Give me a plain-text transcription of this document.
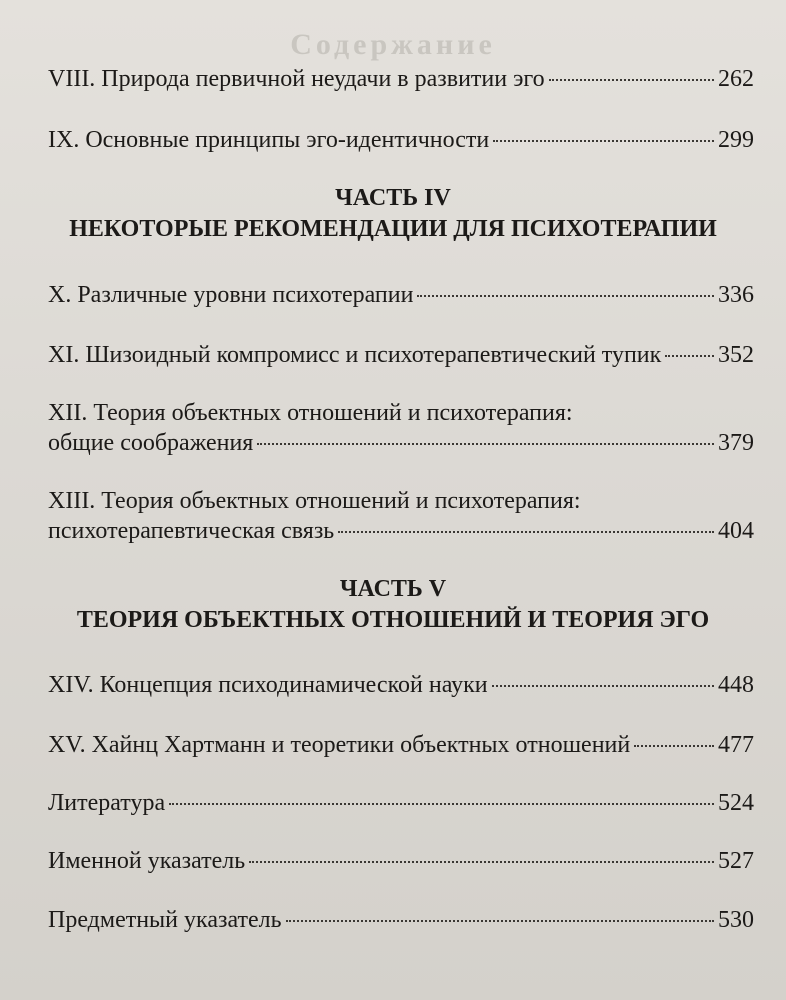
Содержание
VIII. Природа первичной неудачи в развитии эго	262
IX. Основные принципы эго-идентичности	299
ЧАСТЬ IV
НЕКОТОРЫЕ РЕКОМЕНДАЦИИ ДЛЯ ПСИХОТЕРАПИИ
X. Различные уровни психотерапии	336
XI. Шизоидный компромисс и психотерапевтический тупик 352
XII. Теория объектных отношений и психотерапия:
общие соображения	379
XIII. Теория объектных отношений и психотерапия:
психотерапевтическая связь	404
ЧАСТЬ V
ТЕОРИЯ ОБЪЕКТНЫХ ОТНОШЕНИЙ И ТЕОРИЯ ЭГО
XIV. Концепция психодинамической науки	448
XV. Хайнц Хартманн и теоретики объектных отношений	477
Литература	524
Именной указатель	527
Предметный указатель	530
